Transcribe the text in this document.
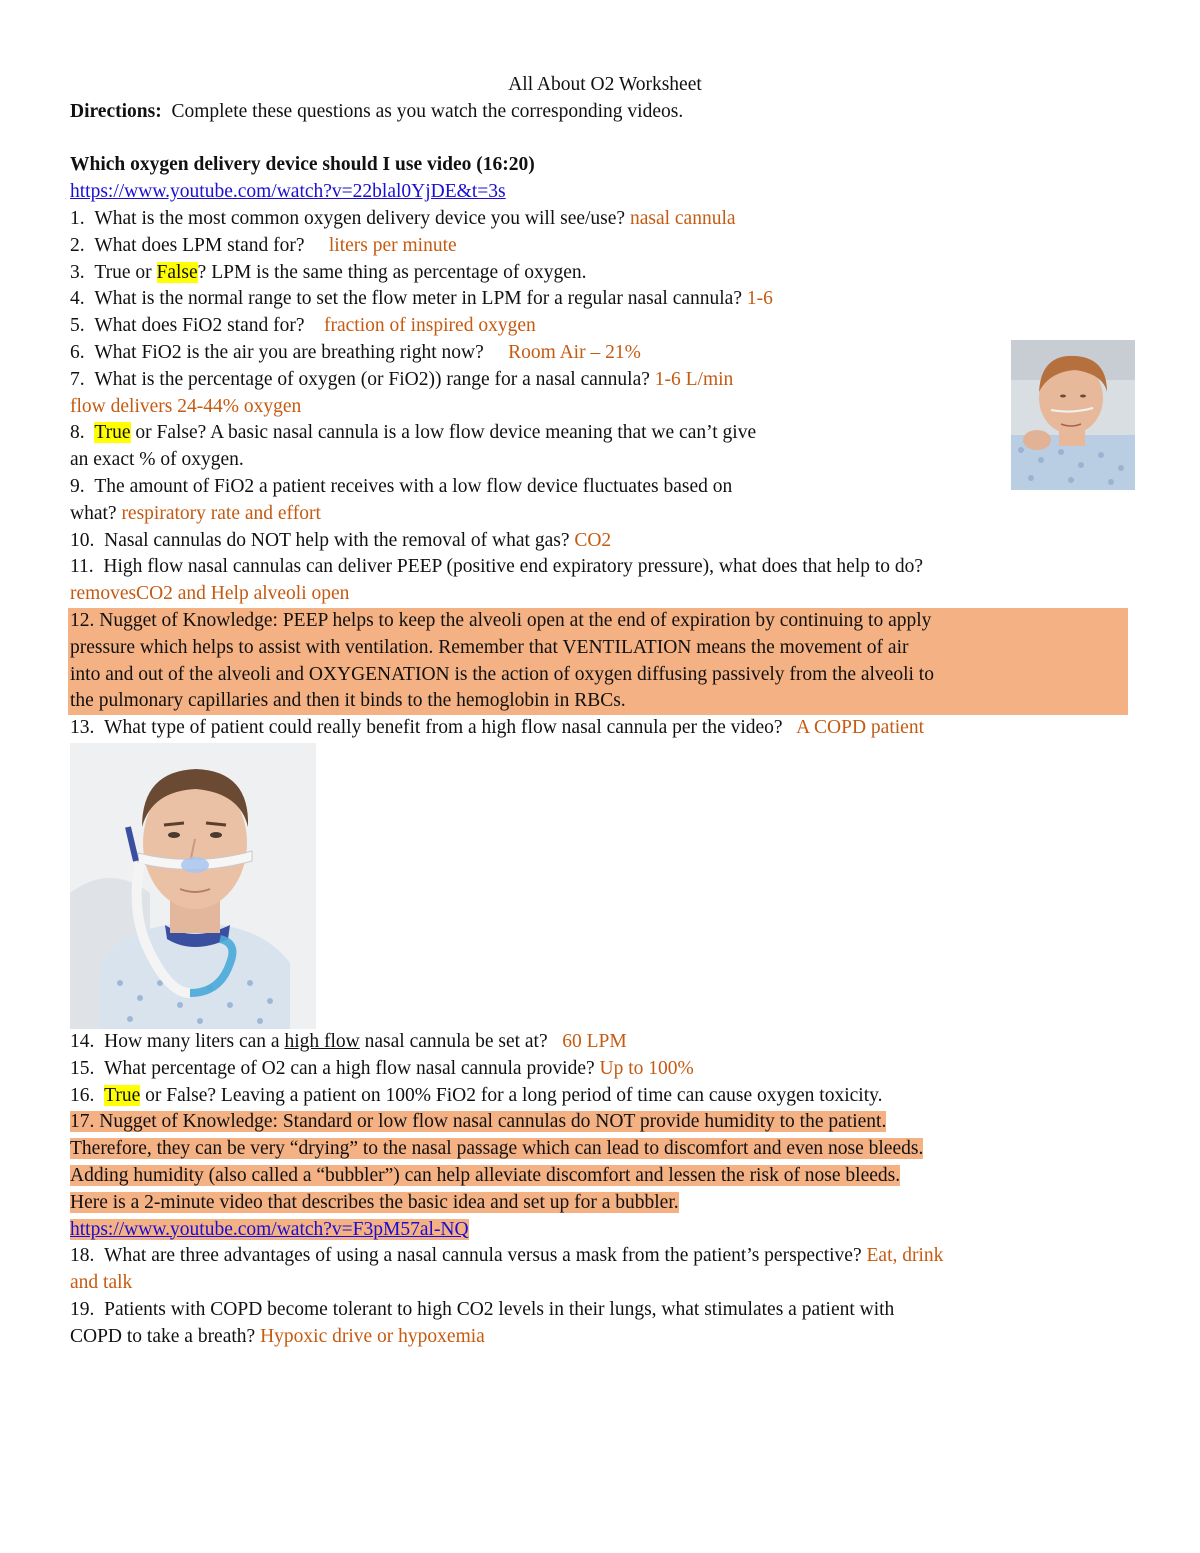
All About O2 Worksheet
Directions: Complete these questions as you watch the corresponding videos.
Which oxygen delivery device should I use video (16:20)
https://www.youtube.com/watch?v=22blal0YjDE&t=3s
1. What is the most common oxygen delivery device you will see/use? nasal cannula
2. What does LPM stand for? liters per minute
3. True or False? LPM is the same thing as percentage of oxygen.
4. What is the normal range to set the flow meter in LPM for a regular nasal cannula? 1-6
5. What does FiO2 stand for? fraction of inspired oxygen
6. What FiO2 is the air you are breathing right now? Room Air – 21%
7. What is the percentage of oxygen (or FiO2)) range for a nasal cannula? 1-6 L/min
flow delivers 24-44% oxygen
8. True or False? A basic nasal cannula is a low flow device meaning that we can’t give
an exact % of oxygen.
9. The amount of FiO2 a patient receives with a low flow device fluctuates based on
what? respiratory rate and effort
10. Nasal cannulas do NOT help with the removal of what gas? CO2
11. High flow nasal cannulas can deliver PEEP (positive end expiratory pressure), what does that help to do?
removesCO2 and Help alveoli open
12. Nugget of Knowledge: PEEP helps to keep the alveoli open at the end of expiration by continuing to apply
pressure which helps to assist with ventilation. Remember that VENTILATION means the movement of air
into and out of the alveoli and OXYGENATION is the action of oxygen diffusing passively from the alveoli to
the pulmonary capillaries and then it binds to the hemoglobin in RBCs.
13. What type of patient could really benefit from a high flow nasal cannula per the video? A COPD patient
14. How many liters can a high flow nasal cannula be set at? 60 LPM
15. What percentage of O2 can a high flow nasal cannula provide? Up to 100%
16. True or False? Leaving a patient on 100% FiO2 for a long period of time can cause oxygen toxicity.
17. Nugget of Knowledge: Standard or low flow nasal cannulas do NOT provide humidity to the patient.
Therefore, they can be very “drying” to the nasal passage which can lead to discomfort and even nose bleeds.
Adding humidity (also called a “bubbler”) can help alleviate discomfort and lessen the risk of nose bleeds.
Here is a 2-minute video that describes the basic idea and set up for a bubbler.
https://www.youtube.com/watch?v=F3pM57al-NQ
18. What are three advantages of using a nasal cannula versus a mask from the patient’s perspective? Eat, drink
and talk
19. Patients with COPD become tolerant to high CO2 levels in their lungs, what stimulates a patient with
COPD to take a breath? Hypoxic drive or hypoxemia
